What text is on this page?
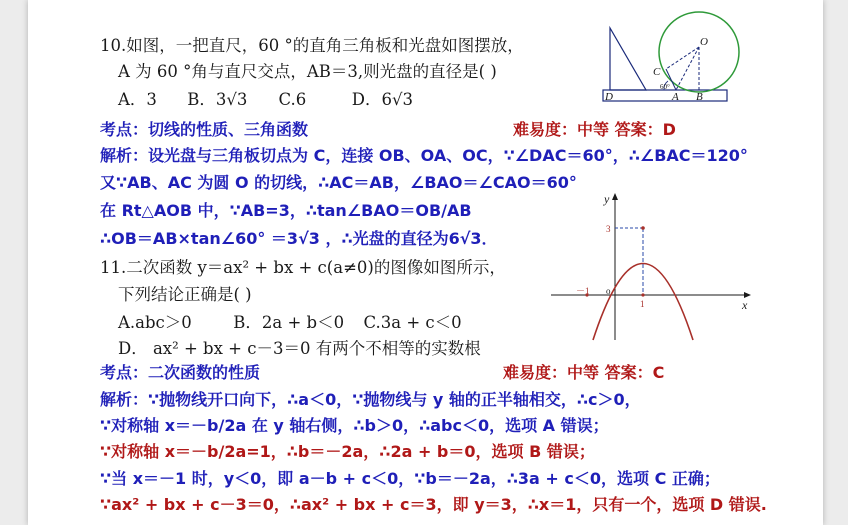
10.如图，一把直尺，60 °的直角三角板和光盘如图摆放，
A 为 60 °角与直尺交点，AB＝3,则光盘的直径是( )
A．3 B．3√3 C.6	D．6√3
考点：切线的性质、三角函数	难易度：中等 答案：D
解析：设光盘与三角板切点为 C，连接 OB、OA、OC，∵∠DAC＝60°，∴∠BAC＝120°
又∵AB、AC 为圆 O 的切线，∴AC＝AB，∠BAO＝∠CAO＝60°
在 Rt△AOB 中，∵AB=3，∴tan∠BAO＝OB/AB
∴OB＝AB×tan∠60° ＝3√3 ，∴光盘的直径为6√3．
O
C
60°
D	A B
11.二次函数 y＝ax² + bx + c(a≠0)的图像如图所示，
下列结论正确是( )
A.abc＞0	B．2a + b＜0 C.3a + c＜0
D． ax² + bx + c－3＝0 有两个不相等的实数根
考点：二次函数的性质	难易度：中等 答案：C
解析：∵抛物线开口向下，∴a＜0，∵抛物线与 y 轴的正半轴相交，∴c＞0，
∵对称轴 x＝－b/2a 在 y 轴右侧，∴b＞0，∴abc＜0，选项 A 错误；
∵对称轴 x＝－b/2a=1，∴b＝－2a，∴2a + b＝0，选项 B 错误；
∵当 x＝－1 时，y＜0，即 a－b + c＜0，∵b＝－2a，∴3a + c＜0，选项 C 正确；
∵ax² + bx + c－3＝0，∴ax² + bx + c＝3，即 y＝3，∴x＝1，只有一个，选项 D 错误.
y
x
o
－1
1
3
